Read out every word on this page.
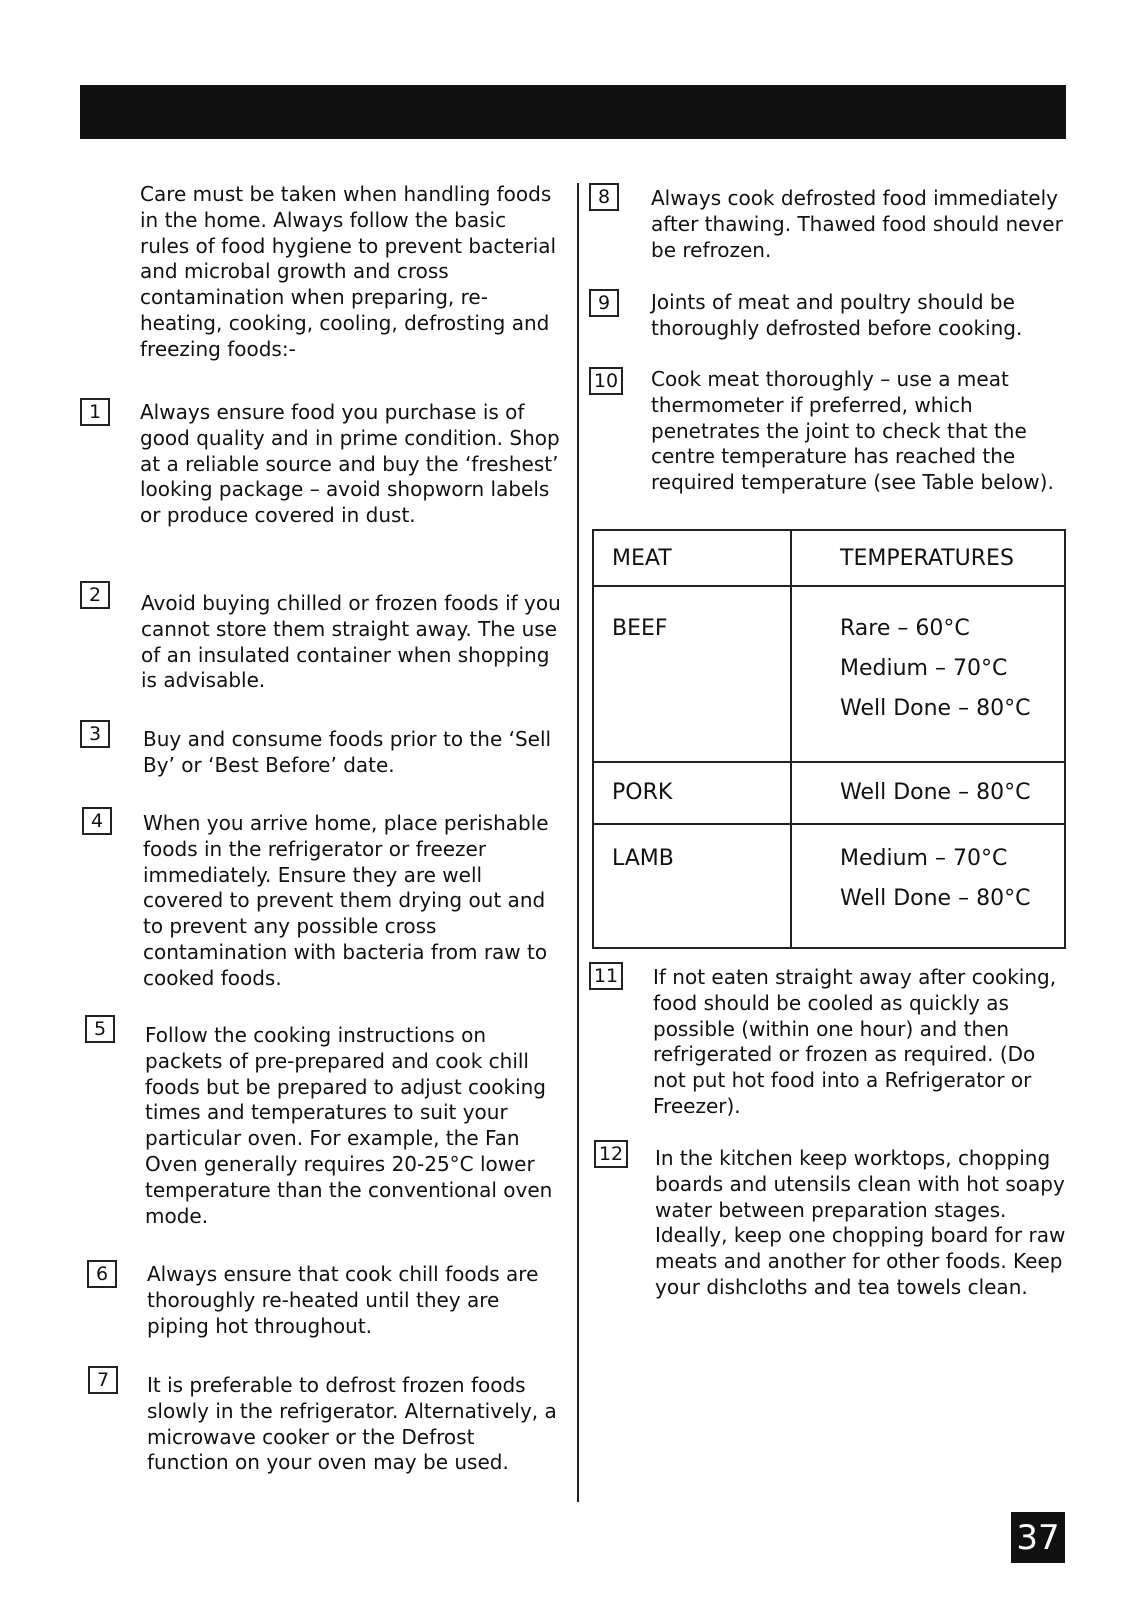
Care must be taken when handling foods in the home. Always follow the basic rules of food hygiene to prevent bacterial and microbal growth and cross contamination when preparing, re-heating, cooking, cooling, defrosting and freezing foods:-

1	Always ensure food you purchase is of good quality and in prime condition. Shop at a reliable source and buy the ‘freshest’ looking package – avoid shopworn labels or produce covered in dust.

2	Avoid buying chilled or frozen foods if you cannot store them straight away. The use of an insulated container when shopping is advisable.

3	Buy and consume foods prior to the ‘Sell By’ or ‘Best Before’ date.

4	When you arrive home, place perishable foods in the refrigerator or freezer immediately. Ensure they are well covered to prevent them drying out and to prevent any possible cross contamination with bacteria from raw to cooked foods.

5	Follow the cooking instructions on packets of pre-prepared and cook chill foods but be prepared to adjust cooking times and temperatures to suit your particular oven. For example, the Fan Oven generally requires 20-25°C lower temperature than the conventional oven mode.

6	Always ensure that cook chill foods are thoroughly re-heated until they are piping hot throughout.

7	It is preferable to defrost frozen foods slowly in the refrigerator. Alternatively, a microwave cooker or the Defrost function on your oven may be used.

8	Always cook defrosted food immediately after thawing. Thawed food should never be refrozen.

9	Joints of meat and poultry should be thoroughly defrosted before cooking.

10 Cook meat thoroughly – use a meat thermometer if preferred, which penetrates the joint to check that the centre temperature has reached the required temperature (see Table below).

MEAT	TEMPERATURES

BEEF	Rare – 60°C
Medium – 70°C
Well Done – 80°C

PORK	Well Done – 80°C

LAMB	Medium – 70°C
Well Done – 80°C
11 If not eaten straight away after cooking, food should be cooled as quickly as possible (within one hour) and then refrigerated or frozen as required. (Do not put hot food into a Refrigerator or Freezer).

12 In the kitchen keep worktops, chopping boards and utensils clean with hot soapy water between preparation stages. Ideally, keep one chopping board for raw meats and another for other foods. Keep your dishcloths and tea towels clean.

37
